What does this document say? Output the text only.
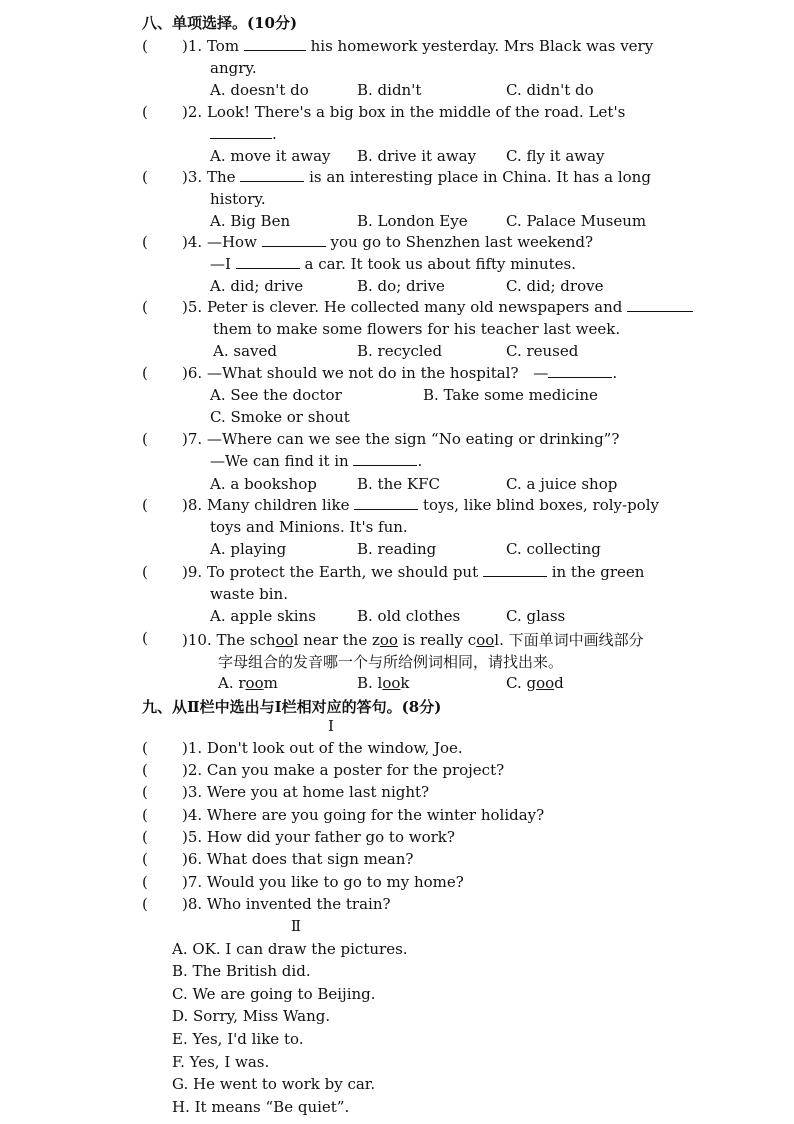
八、单项选择。(10分)
( )1. Tom	his homework yesterday. Mrs Black was very
angry.
A. doesn't do	B. didn't	C. didn't do
( )2. Look! There's a big box in the middle of the road. Let's
.
A. move it away B. drive it away C. fly it away
( )3. The	is an interesting place in China. It has a long
history.
A. Big Ben	B. London Eye	C. Palace Museum
( )4. —How	you go to Shenzhen last weekend?
—I	a car. It took us about fifty minutes.
A. did; drive	B. do; drive	C. did; drove
( )5. Peter is clever. He collected many old newspapers and
them to make some flowers for his teacher last week.
A. saved	B. recycled	C. reused
( )6. —What should we not do in the hospital? —	.
A. See the doctor	B. Take some medicine
C. Smoke or shout
( )7. —Where can we see the sign “No eating or drinking”?
—We can find it in	.
A. a bookshop	B. the KFC	C. a juice shop
( )8. Many children like	toys, like blind boxes, roly-poly
toys and Minions. It's fun.
A. playing	B. reading	C. collecting
( )9. To protect the Earth, we should put	in the green
waste bin.
A. apple skins	B. old clothes	C. glass
( )10. The school near the zoo is really cool. 下面单词中画线部分
字母组合的发音哪一个与所给例词相同，请找出来。
A. room	B. look	C. good
九、从Ⅱ栏中选出与Ⅰ栏相对应的答句。(8分)
I
( )1. Don't look out of the window, Joe.
( )2. Can you make a poster for the project?
( )3. Were you at home last night?
( )4. Where are you going for the winter holiday?
( )5. How did your father go to work?
( )6. What does that sign mean?
( )7. Would you like to go to my home?
( )8. Who invented the train?
Ⅱ
A. OK. I can draw the pictures.
B. The British did.
C. We are going to Beijing.
D. Sorry, Miss Wang.
E. Yes, I'd like to.
F. Yes, I was.
G. He went to work by car.
H. It means “Be quiet”.
